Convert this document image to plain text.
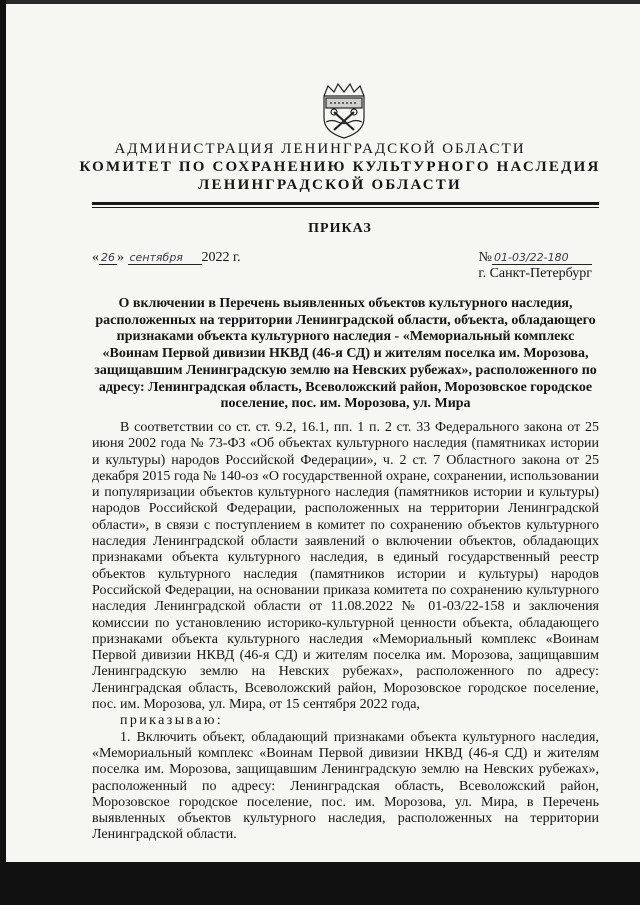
АДМИНИСТРАЦИЯ ЛЕНИНГРАДСКОЙ ОБЛАСТИ
КОМИТЕТ ПО СОХРАНЕНИЮ КУЛЬТУРНОГО НАСЛЕДИЯ
ЛЕНИНГРАДСКОЙ ОБЛАСТИ
ПРИКАЗ
« 26 » сентября 2022 г.	№ 01-03/22-180
г. Санкт-Петербург
О включении в Перечень выявленных объектов культурного наследия, расположенных на территории Ленинградской области, объекта, обладающего признаками объекта культурного наследия - «Мемориальный комплекс «Воинам Первой дивизии НКВД (46-я СД) и жителям поселка им. Морозова, защищавшим Ленинградскую землю на Невских рубежах», расположенного по адресу: Ленинградская область, Всеволожский район, Морозовское городское поселение, пос. им. Морозова, ул. Мира

В соответствии со ст. ст. 9.2, 16.1, пп. 1 п. 2 ст. 33 Федерального закона от 25 июня 2002 года № 73-ФЗ «Об объектах культурного наследия (памятниках истории и культуры) народов Российской Федерации», ч. 2 ст. 7 Областного закона от 25 декабря 2015 года № 140-оз «О государственной охране, сохранении, использовании и популяризации объектов культурного наследия (памятников истории и культуры) народов Российской Федерации, расположенных на территории Ленинградской области», в связи с поступлением в комитет по сохранению объектов культурного наследия Ленинградской области заявлений о включении объектов, обладающих признаками объекта культурного наследия, в единый государственный реестр объектов культурного наследия (памятников истории и культуры) народов Российской Федерации, на основании приказа комитета по сохранению культурного наследия Ленинградской области от 11.08.2022 № 01-03/22-158 и заключения комиссии по установлению историко-культурной ценности объекта, обладающего признаками объекта культурного наследия «Мемориальный комплекс «Воинам Первой дивизии НКВД (46-я СД) и жителям поселка им. Морозова, защищавшим Ленинградскую землю на Невских рубежах», расположенного по адресу: Ленинградская область, Всеволожский район, Морозовское городское поселение, пос. им. Морозова, ул. Мира, от 15 сентября 2022 года,

приказываю:

1. Включить объект, обладающий признаками объекта культурного наследия, «Мемориальный комплекс «Воинам Первой дивизии НКВД (46-я СД) и жителям поселка им. Морозова, защищавшим Ленинградскую землю на Невских рубежах», расположенный по адресу: Ленинградская область, Всеволожский район, Морозовское городское поселение, пос. им. Морозова, ул. Мира, в Перечень выявленных объектов культурного наследия, расположенных на территории Ленинградской области.
